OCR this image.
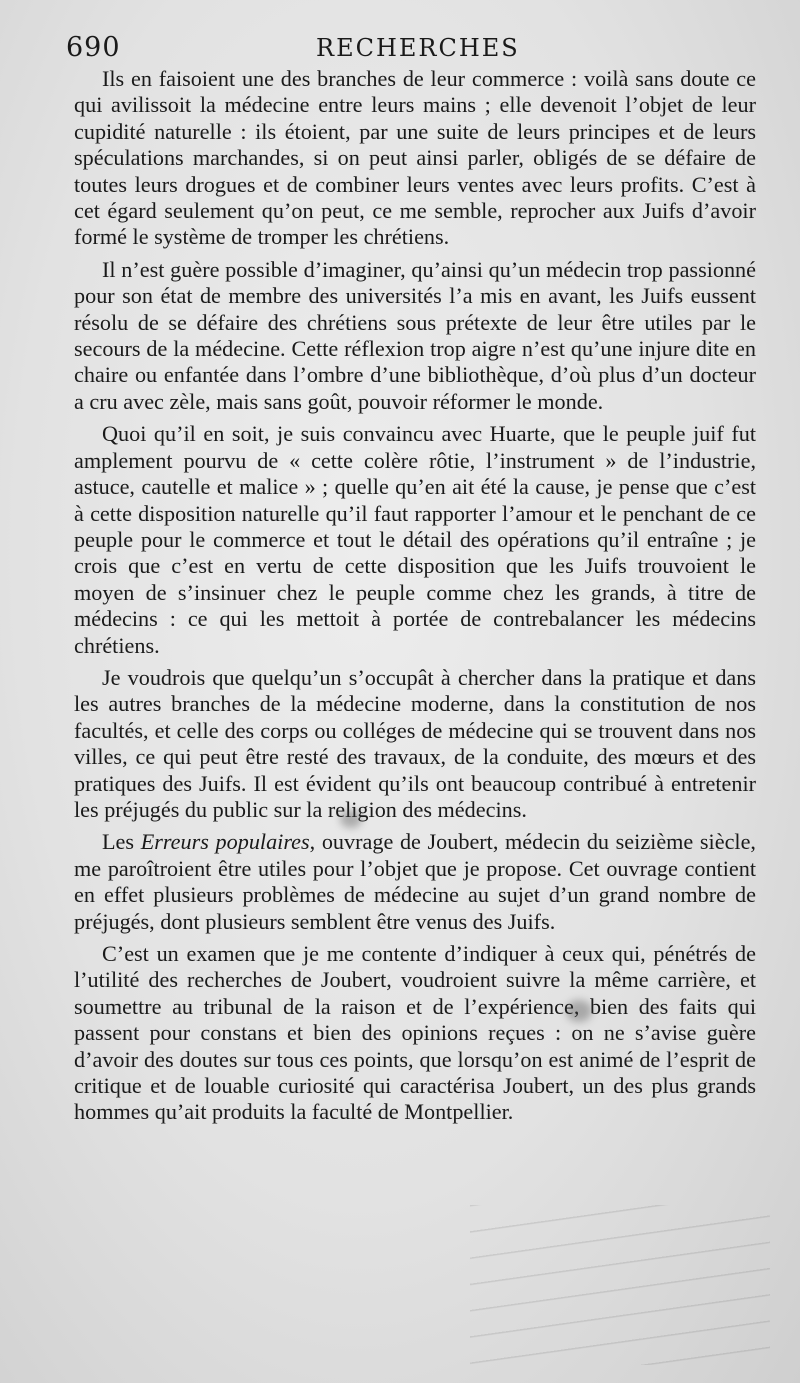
690	RECHERCHES

Ils en faisoient une des branches de leur commerce : voilà sans doute ce qui avilissoit la médecine entre leurs mains ; elle devenoit l’objet de leur cupidité naturelle : ils étoient, par une suite de leurs principes et de leurs spéculations marchandes, si on peut ainsi parler, obligés de se défaire de toutes leurs drogues et de combiner leurs ventes avec leurs profits. C’est à cet égard seulement qu’on peut, ce me semble, reprocher aux Juifs d’avoir formé le système de tromper les chrétiens.

Il n’est guère possible d’imaginer, qu’ainsi qu’un médecin trop passionné pour son état de membre des universités l’a mis en avant, les Juifs eussent résolu de se défaire des chrétiens sous prétexte de leur être utiles par le secours de la médecine. Cette réflexion trop aigre n’est qu’une injure dite en chaire ou enfantée dans l’ombre d’une bibliothèque, d’où plus d’un docteur a cru avec zèle, mais sans goût, pouvoir réformer le monde.

Quoi qu’il en soit, je suis convaincu avec Huarte, que le peuple juif fut amplement pourvu de « cette colère rôtie, l’instrument » de l’industrie, astuce, cautelle et malice » ; quelle qu’en ait été la cause, je pense que c’est à cette disposition naturelle qu’il faut rapporter l’amour et le penchant de ce peuple pour le commerce et tout le détail des opérations qu’il entraîne ; je crois que c’est en vertu de cette disposition que les Juifs trouvoient le moyen de s’insinuer chez le peuple comme chez les grands, à titre de médecins : ce qui les mettoit à portée de contrebalancer les médecins chrétiens.

Je voudrois que quelqu’un s’occupât à chercher dans la pratique et dans les autres branches de la médecine moderne, dans la constitution de nos facultés, et celle des corps ou colléges de médecine qui se trouvent dans nos villes, ce qui peut être resté des travaux, de la conduite, des mœurs et des pratiques des Juifs. Il est évident qu’ils ont beaucoup contribué à entretenir les préjugés du public sur la religion des médecins.

Les Erreurs populaires, ouvrage de Joubert, médecin du seizième siècle, me paroîtroient être utiles pour l’objet que je propose. Cet ouvrage contient en effet plusieurs problèmes de médecine au sujet d’un grand nombre de préjugés, dont plusieurs semblent être venus des Juifs.

C’est un examen que je me contente d’indiquer à ceux qui, pénétrés de l’utilité des recherches de Joubert, voudroient suivre la même carrière, et soumettre au tribunal de la raison et de l’expérience, bien des faits qui passent pour constans et bien des opinions reçues : on ne s’avise guère d’avoir des doutes sur tous ces points, que lorsqu’on est animé de l’esprit de critique et de louable curiosité qui caractérisa Joubert, un des plus grands hommes qu’ait produits la faculté de Montpellier.
